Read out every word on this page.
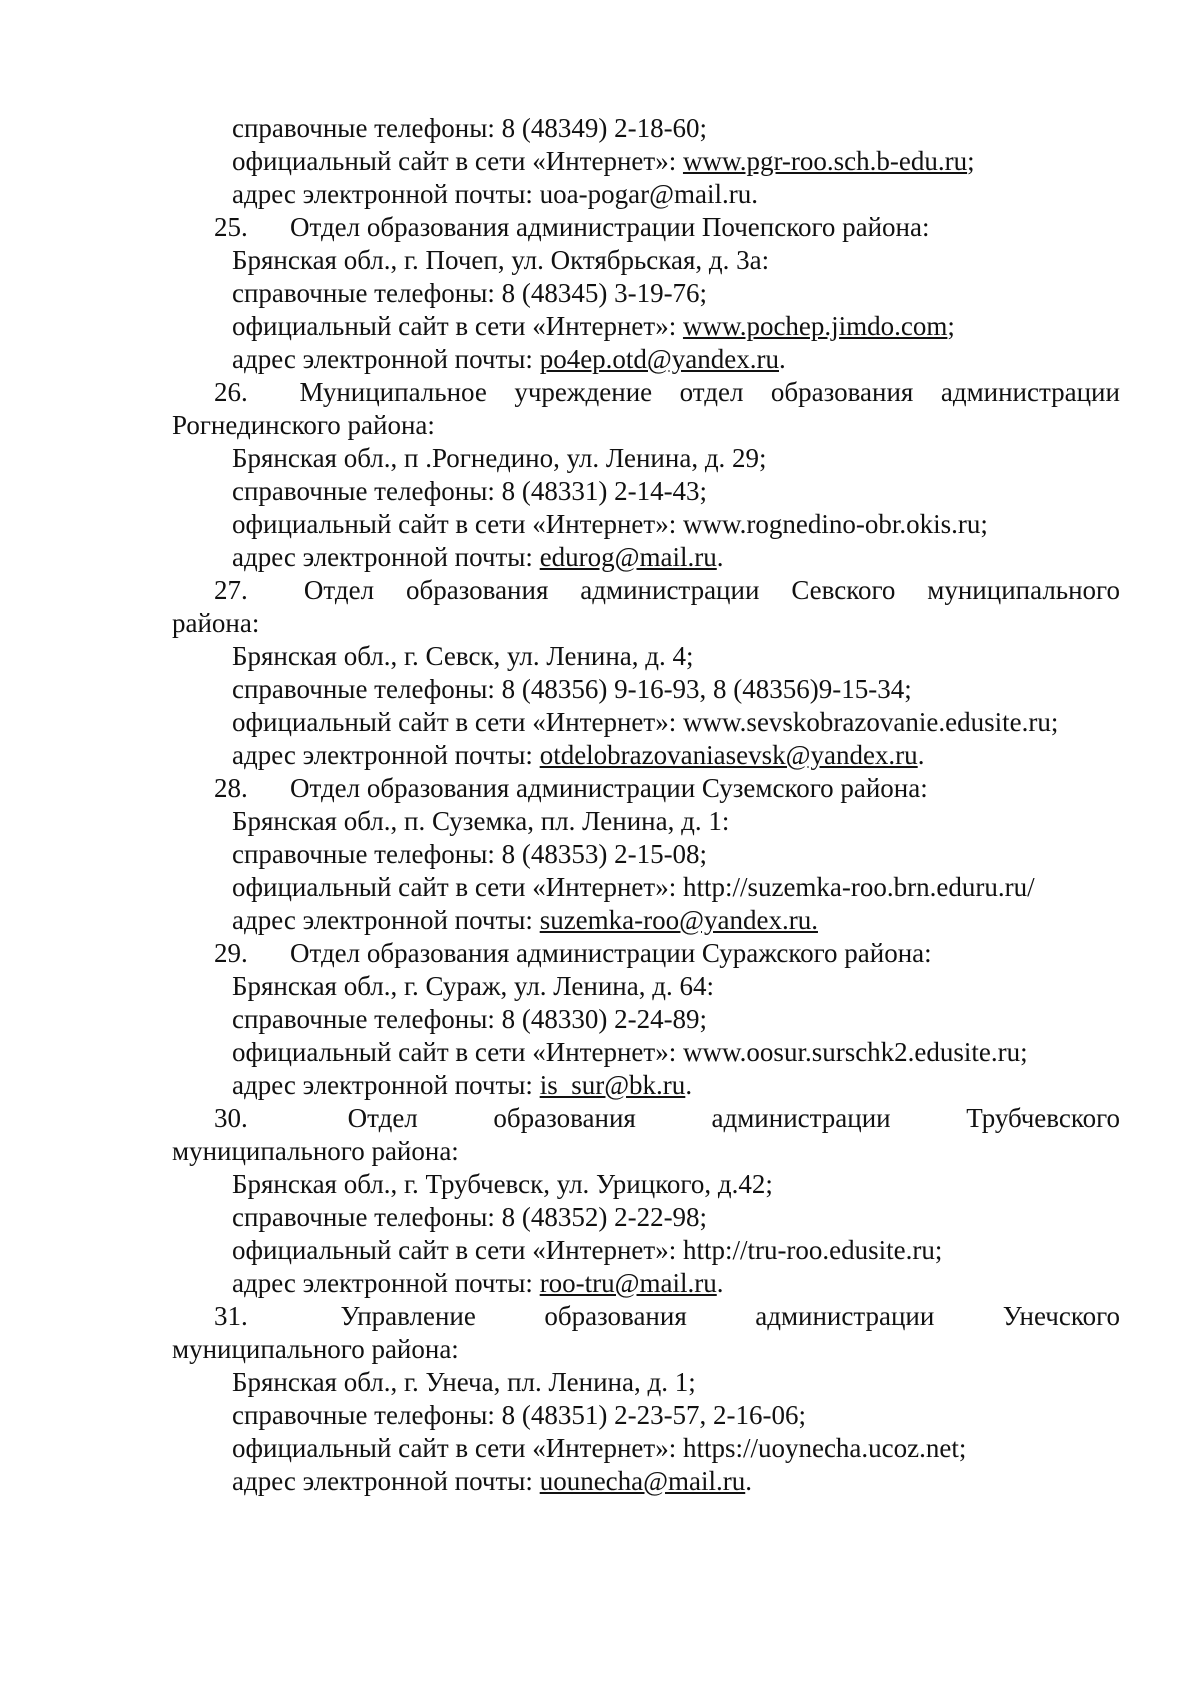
справочные телефоны: 8 (48349) 2-18-60;
официальный сайт в сети «Интернет»: www.pgr-roo.sch.b-edu.ru;
адрес электронной почты: uoa-pogar@mail.ru.
25.	Отдел образования администрации Почепского района:
Брянская обл., г. Почеп, ул. Октябрьская, д. 3а:
справочные телефоны: 8 (48345) 3-19-76;
официальный сайт в сети «Интернет»: www.pochep.jimdo.com;
адрес электронной почты: po4ep.otd@yandex.ru.
26.	Муниципальное учреждение отдел образования администрации
Рогнединского района:
Брянская обл., п .Рогнедино, ул. Ленина, д. 29;
справочные телефоны: 8 (48331) 2-14-43;
официальный сайт в сети «Интернет»: www.rognedino-obr.okis.ru;
адрес электронной почты: edurog@mail.ru.
27.	Отдел образования администрации Севского муниципального
района:
Брянская обл., г. Севск, ул. Ленина, д. 4;
справочные телефоны: 8 (48356) 9-16-93, 8 (48356)9-15-34;
официальный сайт в сети «Интернет»: www.sevskobrazovanie.edusite.ru;
адрес электронной почты: otdelobrazovaniasevsk@yandex.ru.
28.	Отдел образования администрации Суземского района:
Брянская обл., п. Суземка, пл. Ленина, д. 1:
справочные телефоны: 8 (48353) 2-15-08;
официальный сайт в сети «Интернет»: http://suzemka-roo.brn.eduru.ru/
адрес электронной почты: suzemka-roo@yandex.ru.
29.	Отдел образования администрации Суражского района:
Брянская обл., г. Сураж, ул. Ленина, д. 64:
справочные телефоны: 8 (48330) 2-24-89;
официальный сайт в сети «Интернет»: www.oosur.surschk2.edusite.ru;
адрес электронной почты: is_sur@bk.ru.
30.	Отдел	образования	администрации	Трубчевского
муниципального района:
Брянская обл., г. Трубчевск, ул. Урицкого, д.42;
справочные телефоны: 8 (48352) 2-22-98;
официальный сайт в сети «Интернет»: http://tru-roo.edusite.ru;
адрес электронной почты: roo-tru@mail.ru.
31.	Управление	образования	администрации	Унечского
муниципального района:
Брянская обл., г. Унеча, пл. Ленина, д. 1;
справочные телефоны: 8 (48351) 2-23-57, 2-16-06;
официальный сайт в сети «Интернет»: https://uoynecha.ucoz.net;
адрес электронной почты: uounecha@mail.ru.
